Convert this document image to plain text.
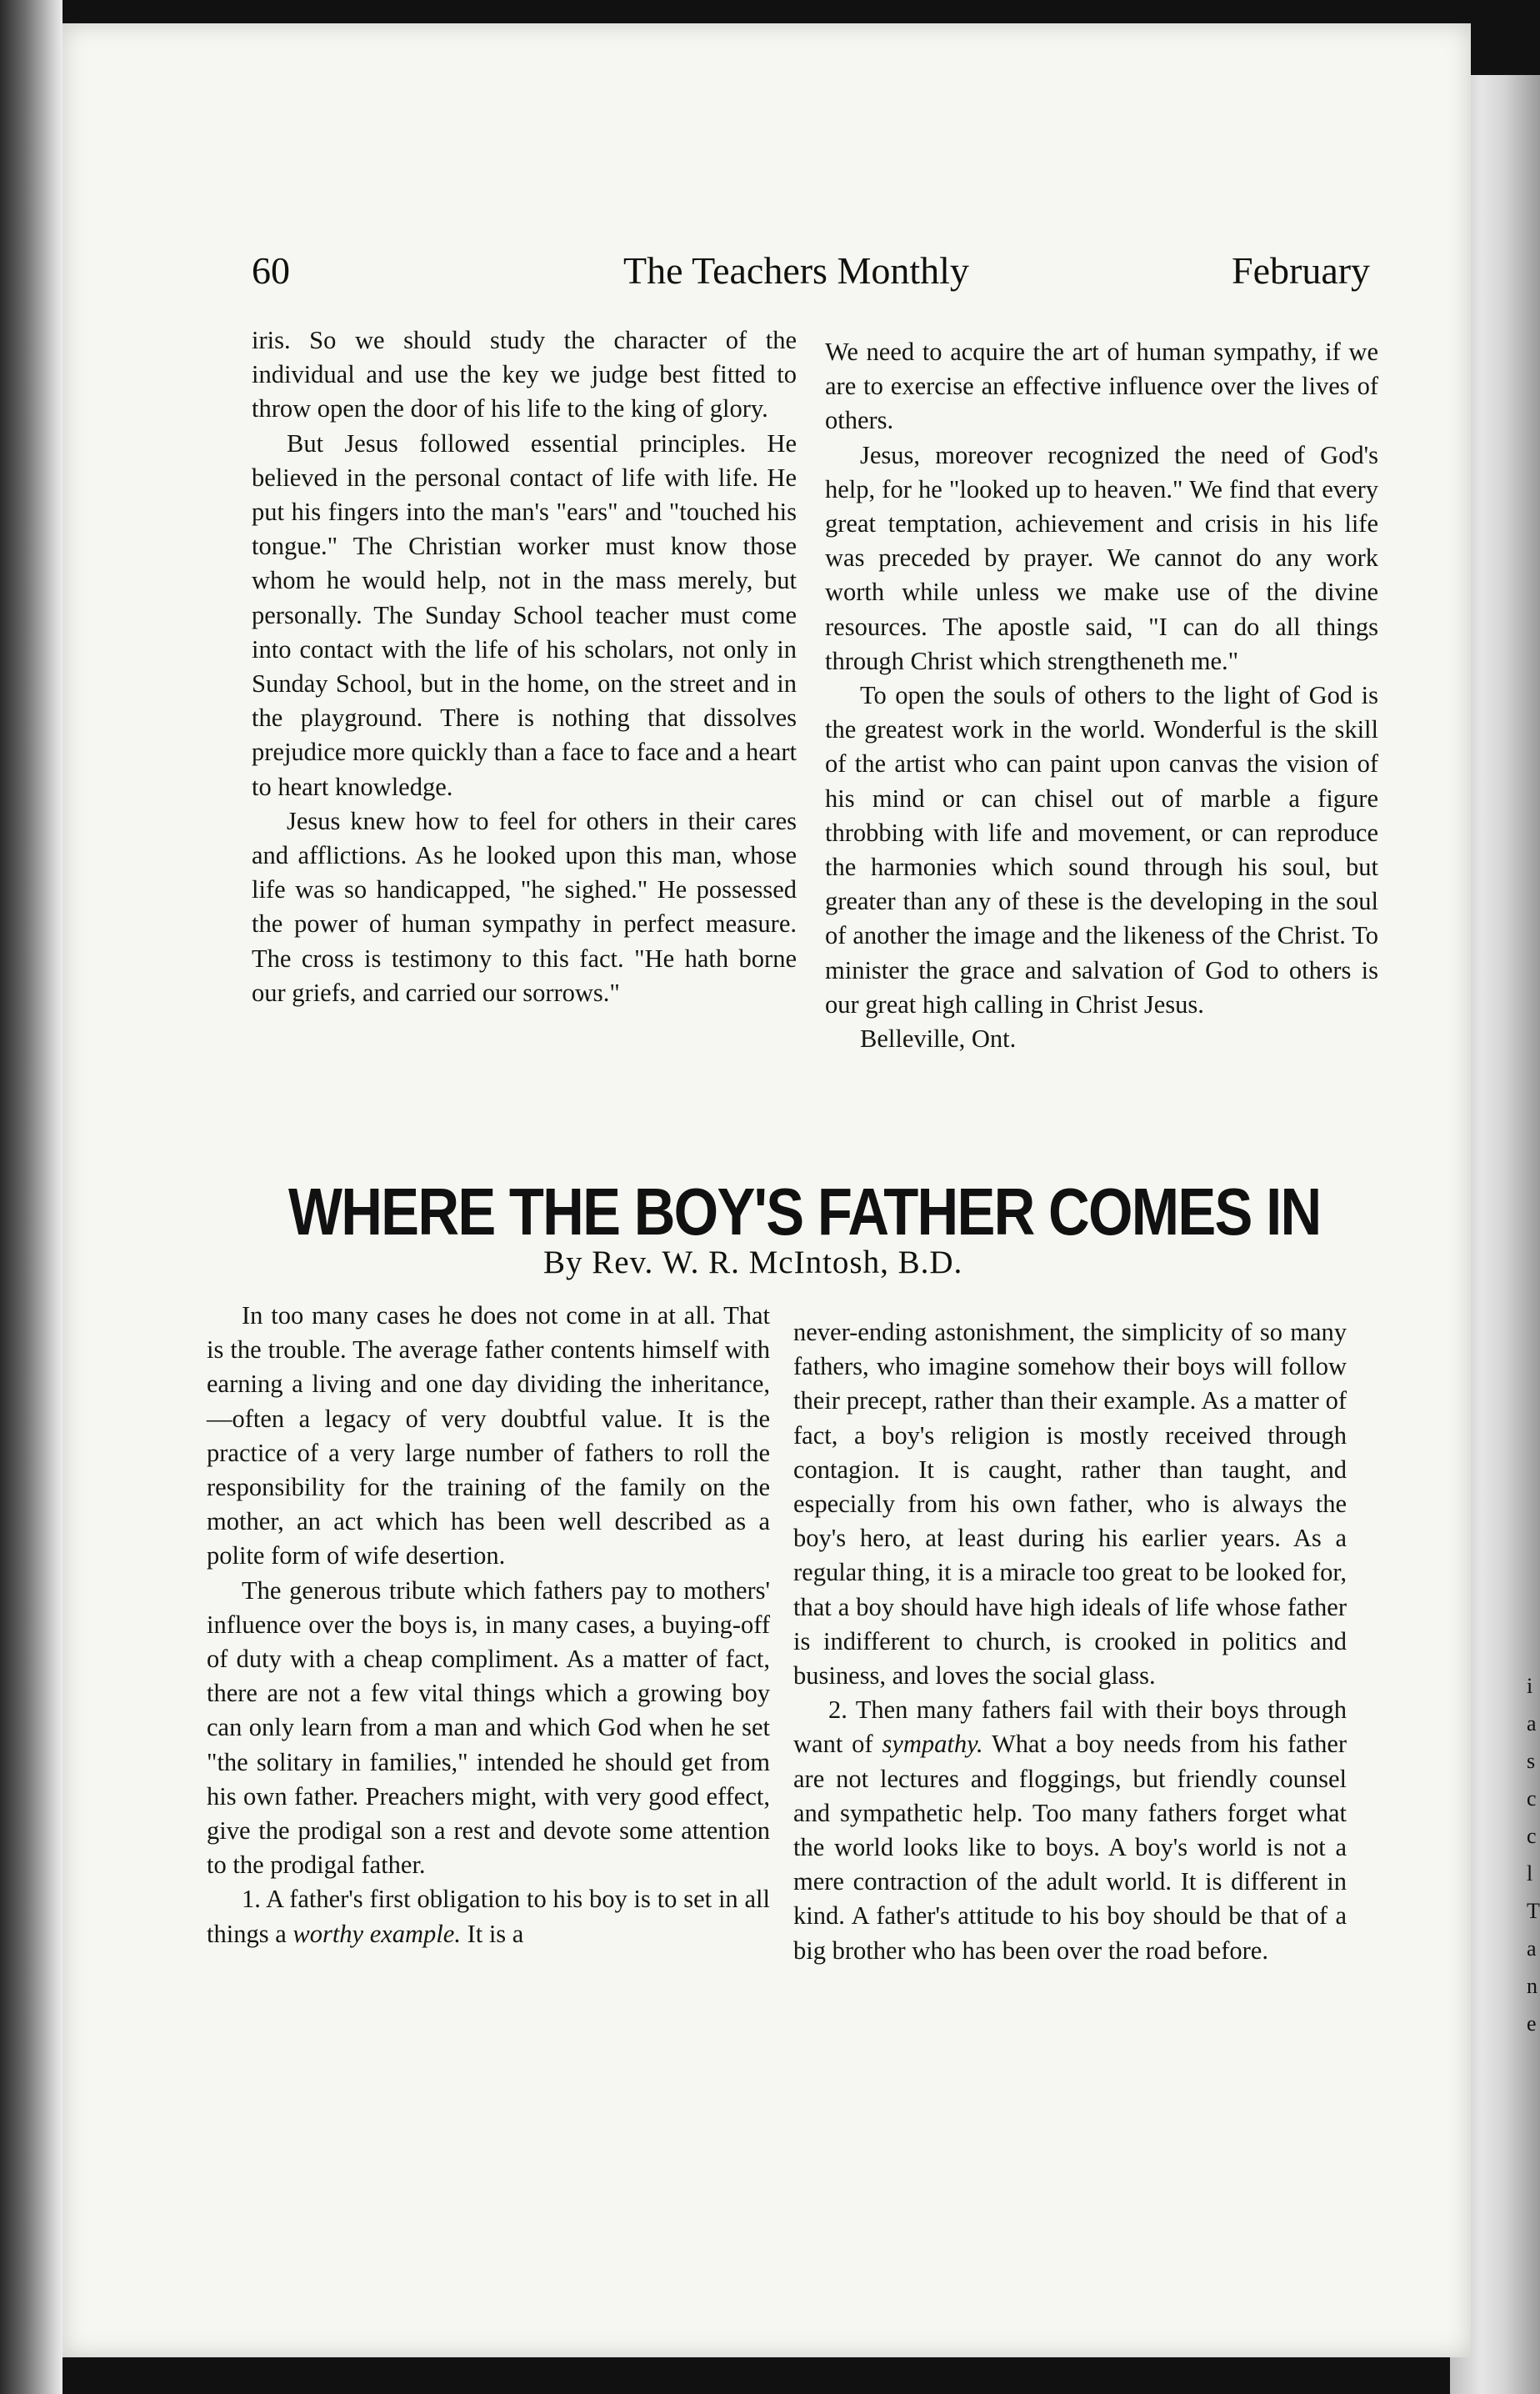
i
a
s
c
c
l
T
a
n
e
60	The Teachers Monthly	February

iris. So we should study the character of the individual and use the key we judge best fitted to throw open the door of his life to the king of glory.

But Jesus followed essential principles. He believed in the personal contact of life with life. He put his fingers into the man's "ears" and "touched his tongue." The Christian worker must know those whom he would help, not in the mass merely, but personally. The Sunday School teacher must come into contact with the life of his scholars, not only in Sunday School, but in the home, on the street and in the playground. There is nothing that dissolves prejudice more quickly than a face to face and a heart to heart knowledge.

Jesus knew how to feel for others in their cares and afflictions. As he looked upon this man, whose life was so handicapped, "he sighed." He possessed the power of human sympathy in perfect measure. The cross is testimony to this fact. "He hath borne our griefs, and carried our sorrows."

We need to acquire the art of human sympathy, if we are to exercise an effective influence over the lives of others.

Jesus, moreover recognized the need of God's help, for he "looked up to heaven." We find that every great temptation, achievement and crisis in his life was preceded by prayer. We cannot do any work worth while unless we make use of the divine resources. The apostle said, "I can do all things through Christ which strengtheneth me."

To open the souls of others to the light of God is the greatest work in the world. Wonderful is the skill of the artist who can paint upon canvas the vision of his mind or can chisel out of marble a figure throbbing with life and movement, or can reproduce the harmonies which sound through his soul, but greater than any of these is the developing in the soul of another the image and the likeness of the Christ. To minister the grace and salvation of God to others is our great high calling in Christ Jesus.

Belleville, Ont.

WHERE THE BOY'S FATHER COMES IN
By Rev. W. R. McIntosh, B.D.

In too many cases he does not come in at all. That is the trouble. The average father contents himself with earning a living and one day dividing the inheritance,—often a legacy of very doubtful value. It is the practice of a very large number of fathers to roll the responsibility for the training of the family on the mother, an act which has been well described as a polite form of wife desertion.

The generous tribute which fathers pay to mothers' influence over the boys is, in many cases, a buying-off of duty with a cheap compliment. As a matter of fact, there are not a few vital things which a growing boy can only learn from a man and which God when he set "the solitary in families," intended he should get from his own father. Preachers might, with very good effect, give the prodigal son a rest and devote some attention to the prodigal father.

1. A father's first obligation to his boy is to set in all things a worthy example. It is a

never-ending astonishment, the simplicity of so many fathers, who imagine somehow their boys will follow their precept, rather than their example. As a matter of fact, a boy's religion is mostly received through contagion. It is caught, rather than taught, and especially from his own father, who is always the boy's hero, at least during his earlier years. As a regular thing, it is a miracle too great to be looked for, that a boy should have high ideals of life whose father is indifferent to church, is crooked in politics and business, and loves the social glass.

2. Then many fathers fail with their boys through want of sympathy. What a boy needs from his father are not lectures and floggings, but friendly counsel and sympathetic help. Too many fathers forget what the world looks like to boys. A boy's world is not a mere contraction of the adult world. It is different in kind. A father's attitude to his boy should be that of a big brother who has been over the road before.
